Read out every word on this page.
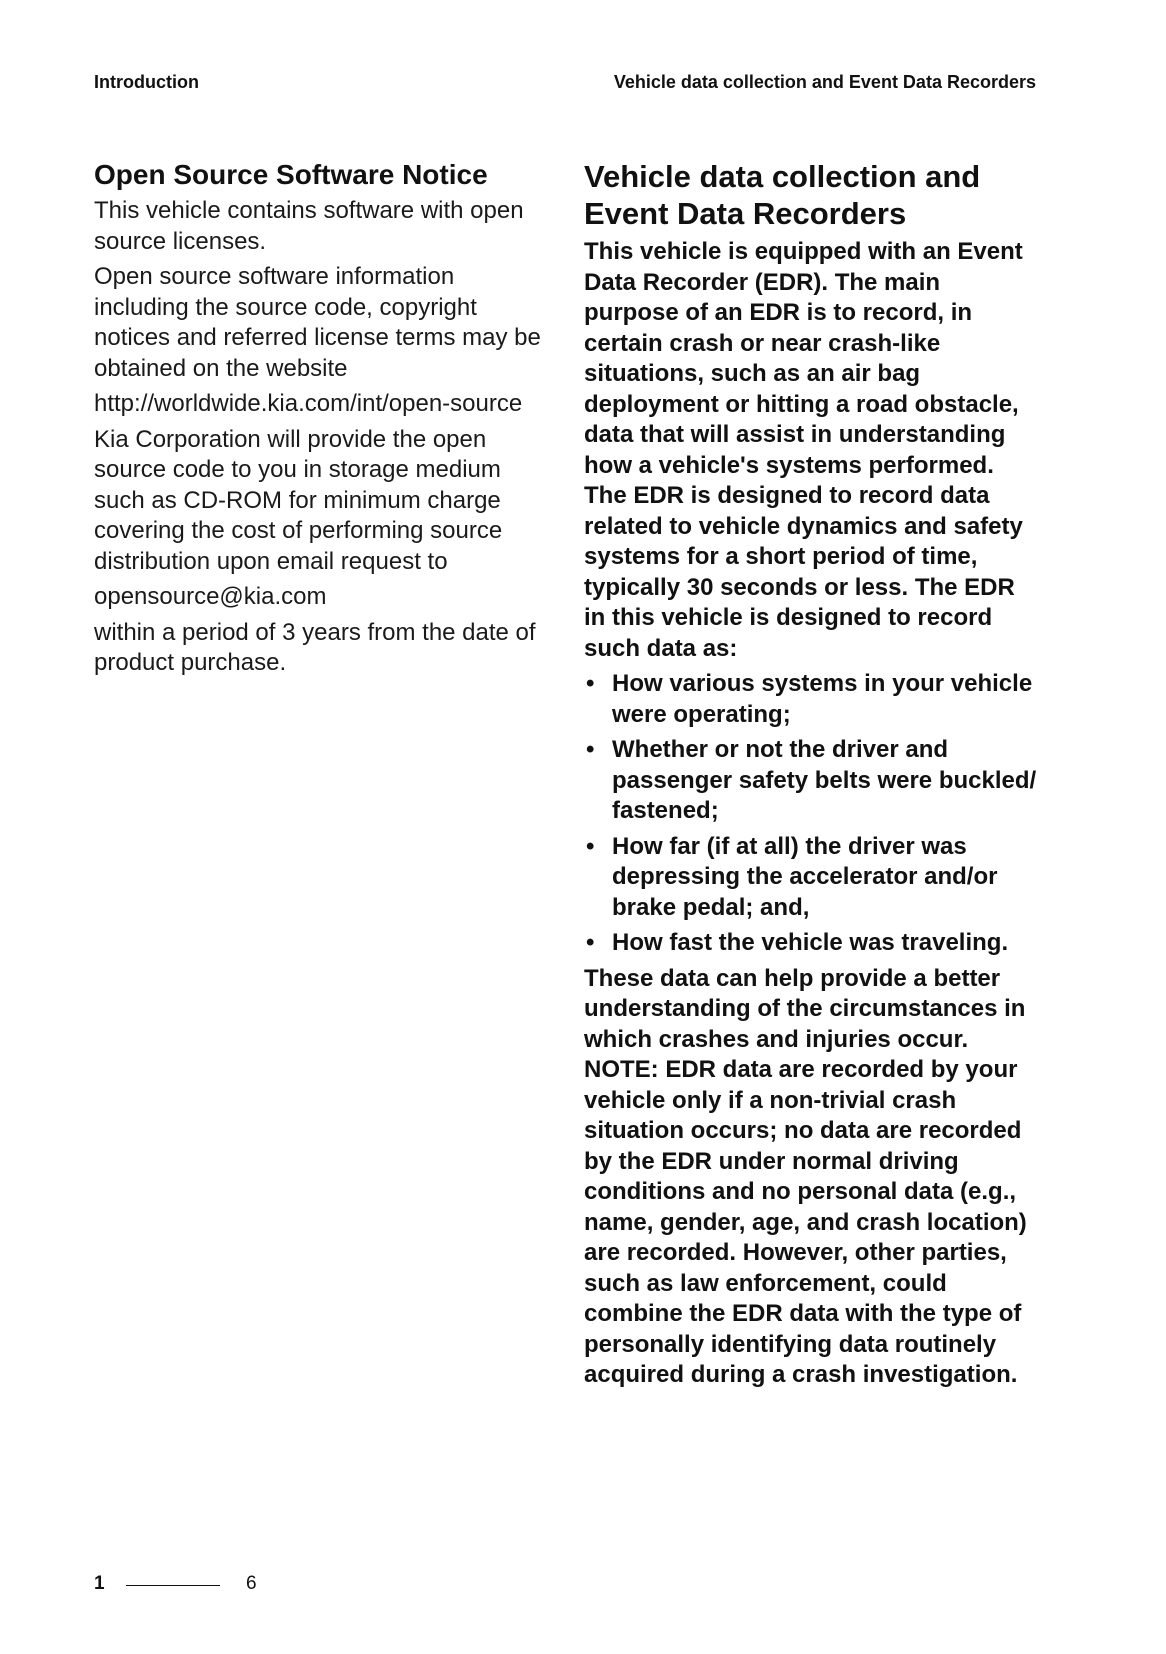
Introduction	Vehicle data collection and Event Data Recorders
Open Source Software Notice

This vehicle contains software with open source licenses.

Open source software information including the source code, copyright notices and referred license terms may be obtained on the website

http://worldwide.kia.com/int/open-source

Kia Corporation will provide the open source code to you in storage medium such as CD-ROM for minimum charge covering the cost of performing source distribution upon email request to

opensource@kia.com

within a period of 3 years from the date of product purchase.

Vehicle data collection and Event Data Recorders

This vehicle is equipped with an Event Data Recorder (EDR). The main purpose of an EDR is to record, in certain crash or near crash-like situations, such as an air bag deployment or hitting a road obstacle, data that will assist in understanding how a vehicle's systems performed. The EDR is designed to record data related to vehicle dynamics and safety systems for a short period of time, typically 30 seconds or less. The EDR in this vehicle is designed to record such data as:

• How various systems in your vehicle were operating;
• Whether or not the driver and passenger safety belts were buckled/ fastened;
• How far (if at all) the driver was depressing the accelerator and/or brake pedal; and,
• How fast the vehicle was traveling.

These data can help provide a better understanding of the circumstances in which crashes and injuries occur. NOTE: EDR data are recorded by your vehicle only if a non-trivial crash situation occurs; no data are recorded by the EDR under normal driving conditions and no personal data (e.g., name, gender, age, and crash location) are recorded. However, other parties, such as law enforcement, could combine the EDR data with the type of personally identifying data routinely acquired during a crash investigation.

1	6
